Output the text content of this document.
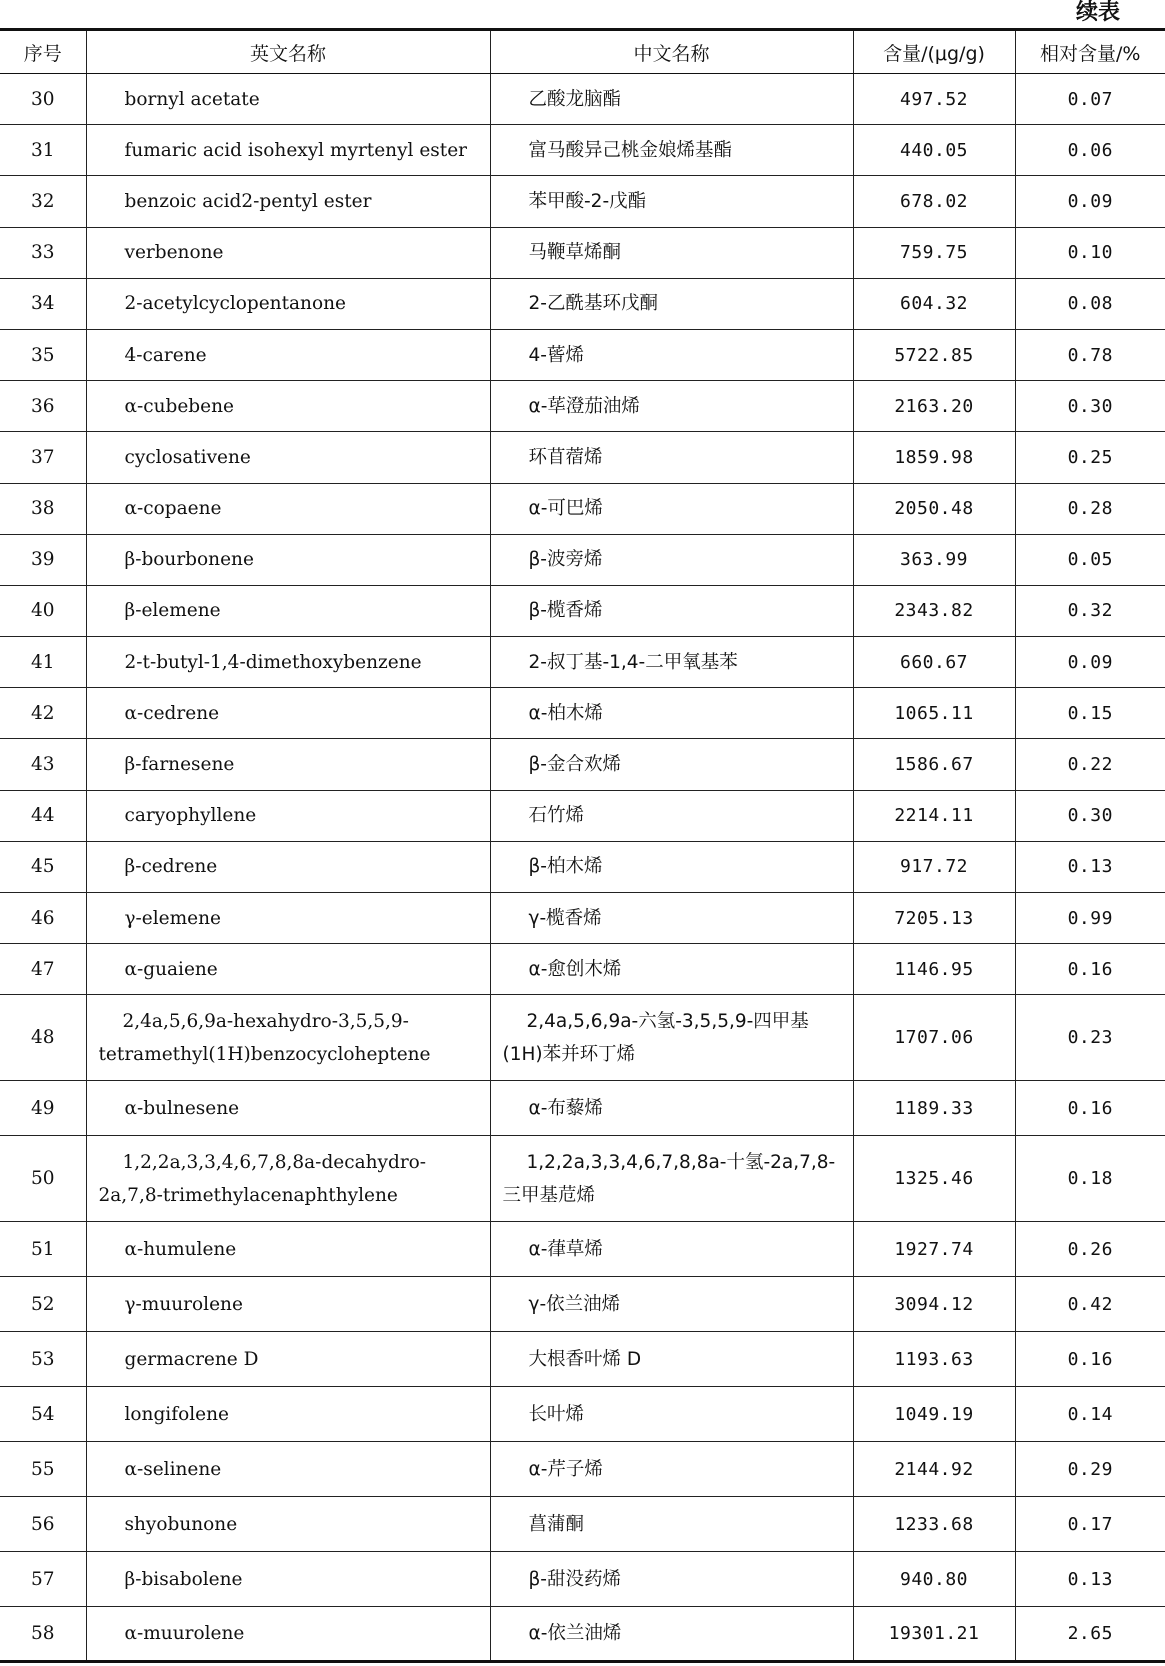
续表
序号	英文名称	中文名称	含量/(μg/g)	相对含量/%
30	bornyl acetate	乙酸龙脑酯	497.52	0.07
31	fumaric acid isohexyl myrtenyl ester	富马酸异己桃金娘烯基酯	440.05	0.06
32	benzoic acid2-pentyl ester	苯甲酸-2-戊酯	678.02	0.09
33	verbenone	马鞭草烯酮	759.75	0.10
34	2-acetylcyclopentanone	2-乙酰基环戊酮	604.32	0.08
35	4-carene	4-蒈烯	5722.85	0.78
36	α-cubebene	α-荜澄茄油烯	2163.20	0.30
37	cyclosativene	环苜蓿烯	1859.98	0.25
38	α-copaene	α-可巴烯	2050.48	0.28
39	β-bourbonene	β-波旁烯	363.99	0.05
40	β-elemene	β-榄香烯	2343.82	0.32
41	2-t-butyl-1,4-dimethoxybenzene	2-叔丁基-1,4-二甲氧基苯	660.67	0.09
42	α-cedrene	α-柏木烯	1065.11	0.15
43	β-farnesene	β-金合欢烯	1586.67	0.22
44	caryophyllene	石竹烯	2214.11	0.30
45	β-cedrene	β-柏木烯	917.72	0.13
46	γ-elemene	γ-榄香烯	7205.13	0.99
47	α-guaiene	α-愈创木烯	1146.95	0.16
48	2,4a,5,6,9a-hexahydro-3,5,5,9-tetramethyl(1H)benzocycloheptene	2,4a,5,6,9a-六氢-3,5,5,9-四甲基(1H)苯并环丁烯	1707.06	0.23
49	α-bulnesene	α-布藜烯	1189.33	0.16
50	1,2,2a,3,3,4,6,7,8,8a-decahydro-2a,7,8-trimethylacenaphthylene	1,2,2a,3,3,4,6,7,8,8a-十氢-2a,7,8-三甲基苊烯	1325.46	0.18
51	α-humulene	α-葎草烯	1927.74	0.26
52	γ-muurolene	γ-依兰油烯	3094.12	0.42
53	germacrene D	大根香叶烯 D	1193.63	0.16
54	longifolene	长叶烯	1049.19	0.14
55	α-selinene	α-芹子烯	2144.92	0.29
56	shyobunone	菖蒲酮	1233.68	0.17
57	β-bisabolene	β-甜没药烯	940.80	0.13
58	α-muurolene	α-依兰油烯	19301.21	2.65
